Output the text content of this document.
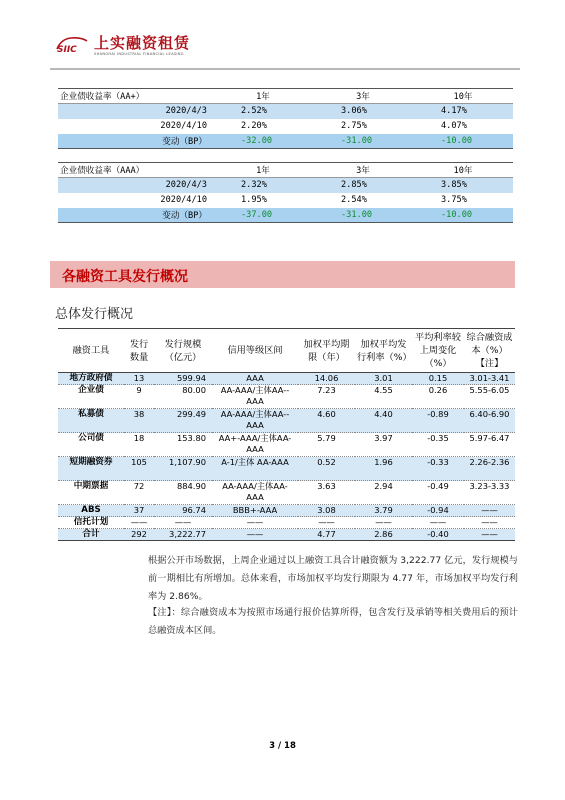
SIIC 上实融资租赁
SHANGHAI INDUSTRIAL FINANCIAL LEASING
企业债收益率（AA+）	1年	3年	10年
2020/4/3	2.52%	3.06%	4.17%
2020/4/10	2.20%	2.75%	4.07%
变动（BP）	-32.00	-31.00	-10.00
企业债收益率（AAA）	1年	3年	10年
2020/4/3	2.32%	2.85%	3.85%
2020/4/10	1.95%	2.54%	3.75%
变动（BP）	-37.00	-31.00	-10.00
各融资工具发行概况
总体发行概况
融资工具	发行数量	发行规模（亿元）	信用等级区间	加权平均期限（年）	加权平均发行利率（%）	平均利率较上周变化（%）	综合融资成本（%）【注】
地方政府债	13	599.94	AAA	14.06	3.01	0.15	3.01-3.41
企业债	9	80.00	AA-AAA/主体AA--AAA	7.23	4.55	0.26	5.55-6.05
私募债	38	299.49	AA-AAA/主体AA--AAA	4.60	4.40	-0.89	6.40-6.90
公司债	18	153.80	AA+-AAA/主体AA-AAA	5.79	3.97	-0.35	5.97-6.47
短期融资券	105	1,107.90	A-1/主体 AA-AAA	0.52	1.96	-0.33	2.26-2.36
中期票据	72	884.90	AA-AAA/主体AA-AAA	3.63	2.94	-0.49	3.23-3.33
ABS	37	96.74	BBB+-AAA	3.08	3.79	-0.94	——
信托计划	——	——	——	——	——	——	——
合计	292	3,222.77	——	4.77	2.86	-0.40	——

根据公开市场数据，上周企业通过以上融资工具合计融资额为 3,222.77 亿元，发行规模与前一期相比有所增加。总体来看，市场加权平均发行期限为 4.77 年，市场加权平均发行利率为 2.86%。

【注】：综合融资成本为按照市场通行报价估算所得，包含发行及承销等相关费用后的预计总融资成本区间。

3 / 18
